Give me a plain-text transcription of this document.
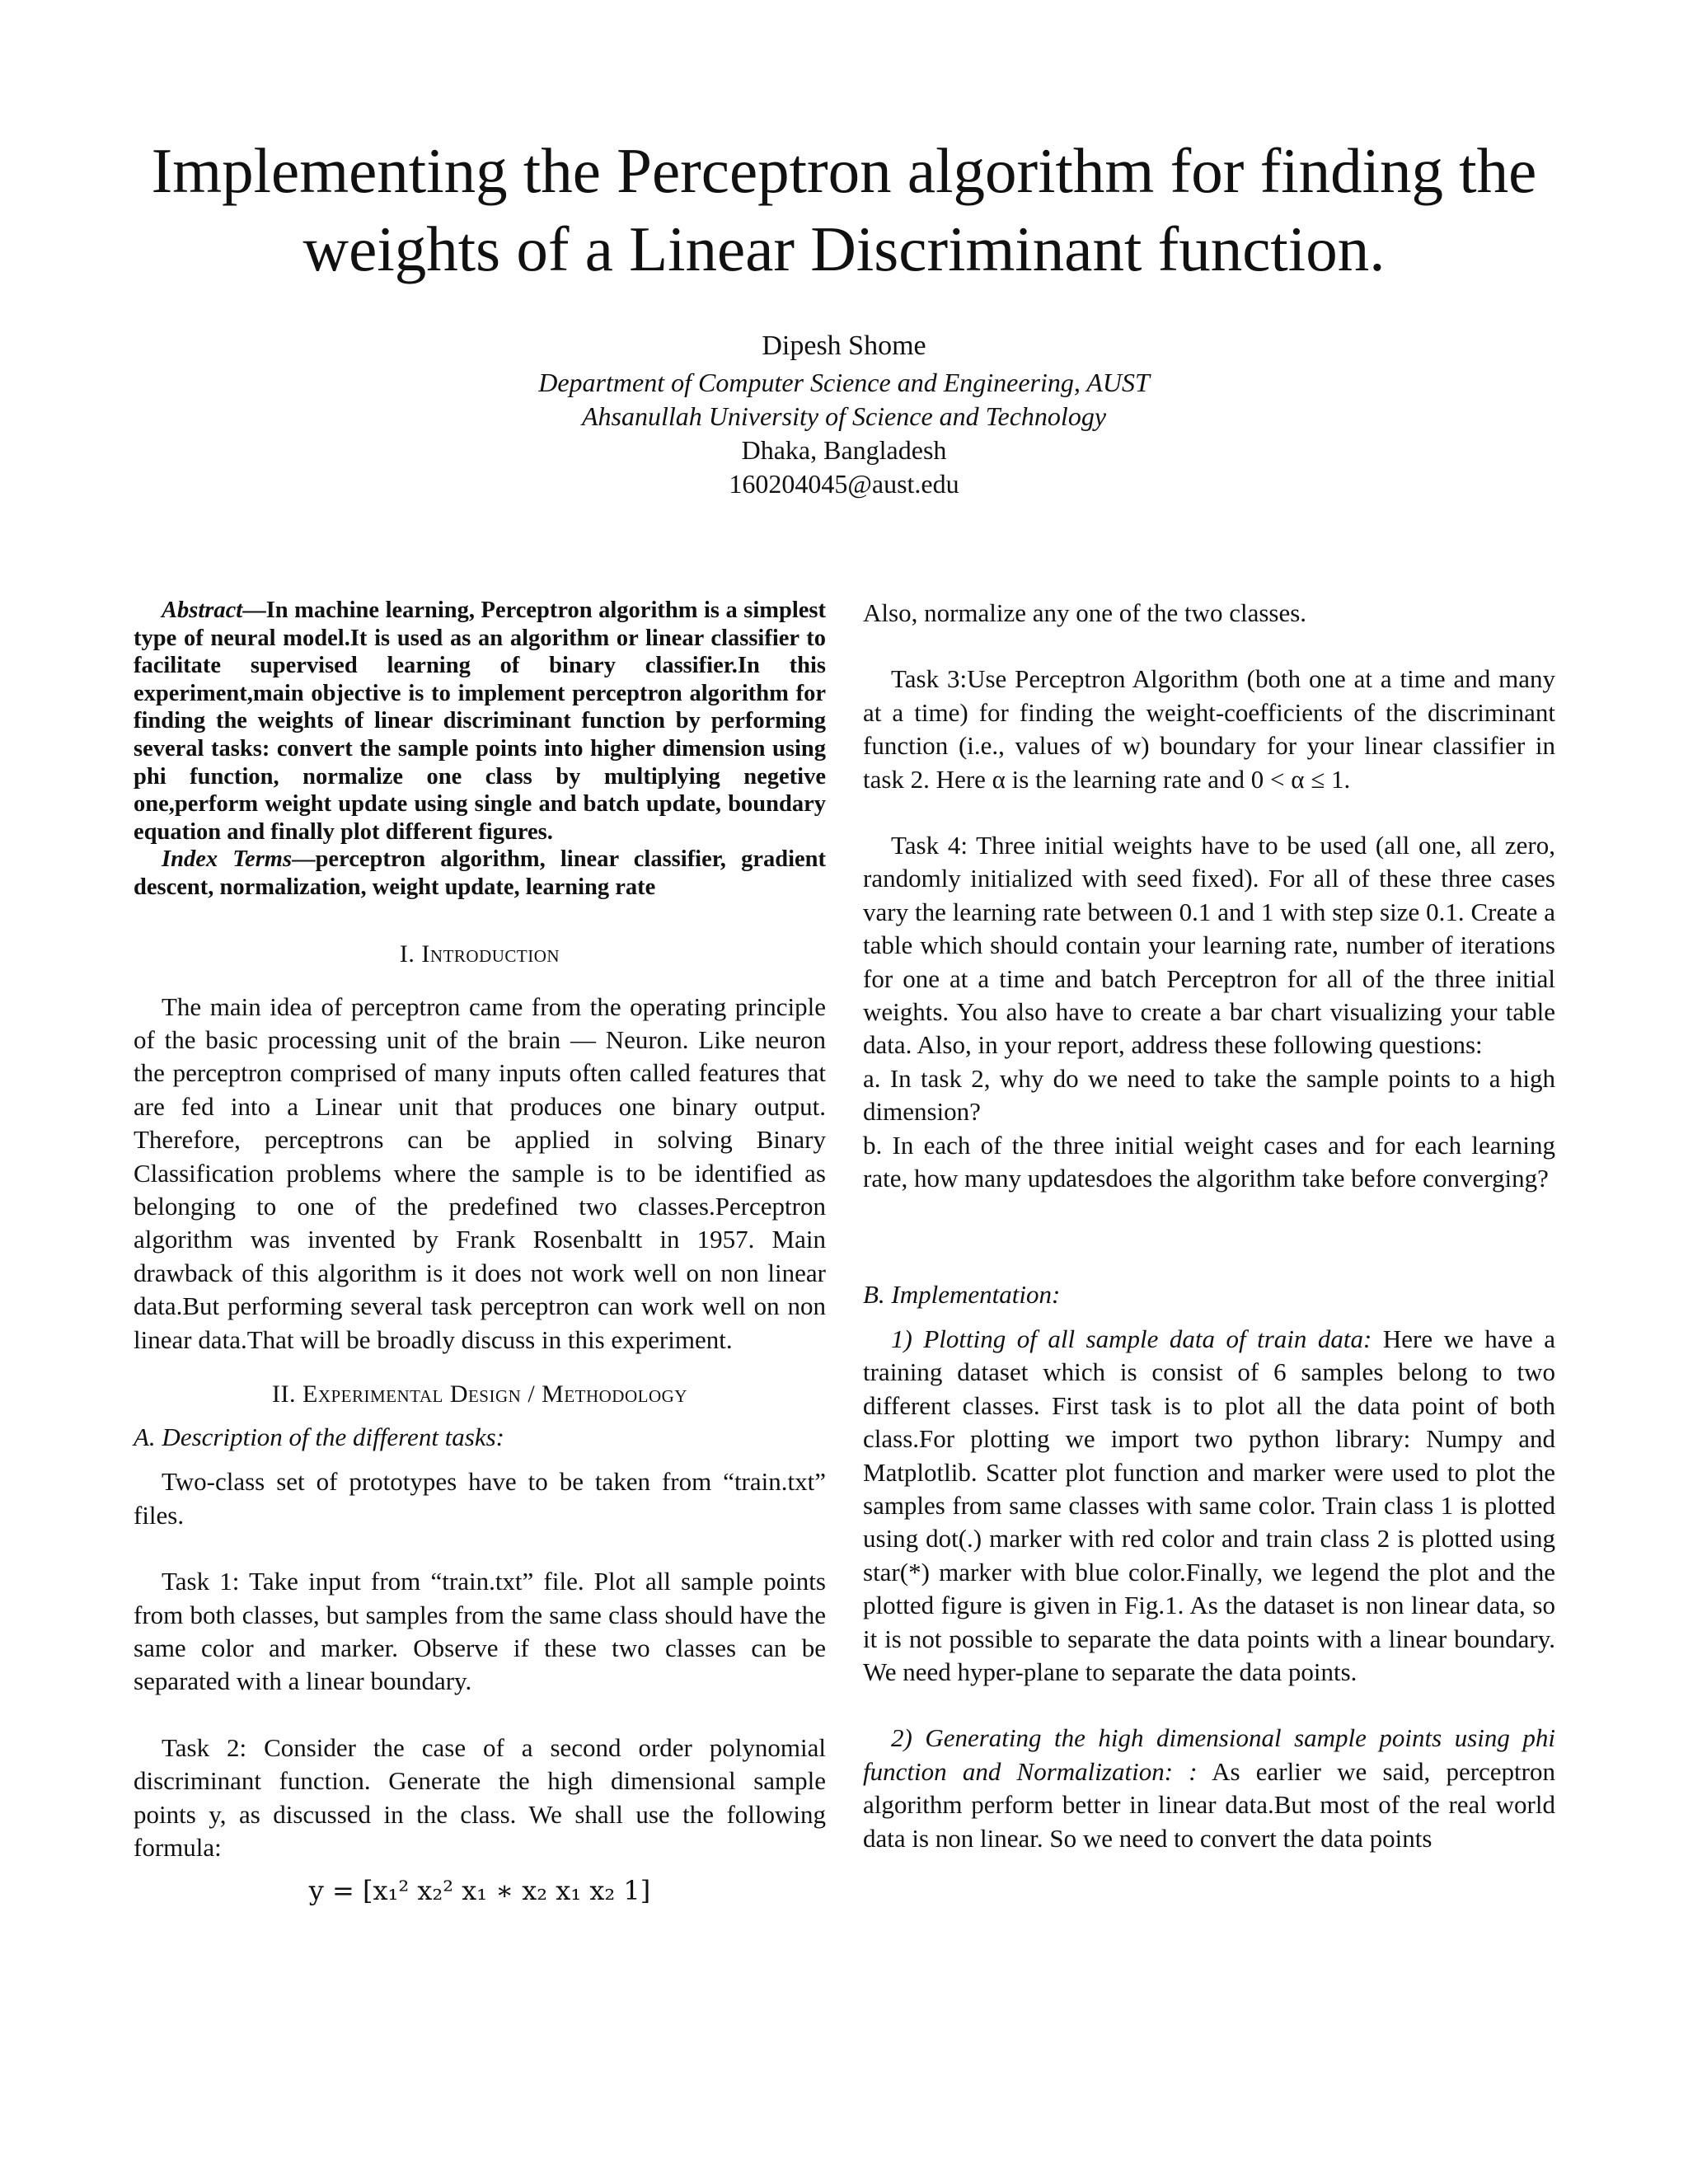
Implementing the Perceptron algorithm for finding the weights of a Linear Discriminant function.
Dipesh Shome
Department of Computer Science and Engineering, AUST
Ahsanullah University of Science and Technology
Dhaka, Bangladesh
160204045@aust.edu

Abstract—In machine learning, Perceptron algorithm is a simplest type of neural model.It is used as an algorithm or linear classifier to facilitate supervised learning of binary classifier.In this experiment,main objective is to implement perceptron algorithm for finding the weights of linear discriminant function by performing several tasks: convert the sample points into higher dimension using phi function, normalize one class by multiplying negetive one,perform weight update using single and batch update, boundary equation and finally plot different figures.

Index Terms—perceptron algorithm, linear classifier, gradient descent, normalization, weight update, learning rate

I. Introduction

The main idea of perceptron came from the operating principle of the basic processing unit of the brain — Neuron. Like neuron the perceptron comprised of many inputs often called features that are fed into a Linear unit that produces one binary output. Therefore, perceptrons can be applied in solving Binary Classification problems where the sample is to be identified as belonging to one of the predefined two classes.Perceptron algorithm was invented by Frank Rosenbaltt in 1957. Main drawback of this algorithm is it does not work well on non linear data.But performing several task perceptron can work well on non linear data.That will be broadly discuss in this experiment.

II. Experimental Design / Methodology
A. Description of the different tasks:

Two-class set of prototypes have to be taken from “train.txt” files.

Task 1: Take input from “train.txt” file. Plot all sample points from both classes, but samples from the same class should have the same color and marker. Observe if these two classes can be separated with a linear boundary.

Task 2: Consider the case of a second order polynomial discriminant function. Generate the high dimensional sample points y, as discussed in the class. We shall use the following formula:

y = [x₁² x₂² x₁ ∗ x₂ x₁ x₂ 1]

Also, normalize any one of the two classes.

Task 3:Use Perceptron Algorithm (both one at a time and many at a time) for finding the weight-coefficients of the discriminant function (i.e., values of w) boundary for your linear classifier in task 2. Here α is the learning rate and 0 < α ≤ 1.

Task 4: Three initial weights have to be used (all one, all zero, randomly initialized with seed fixed). For all of these three cases vary the learning rate between 0.1 and 1 with step size 0.1. Create a table which should contain your learning rate, number of iterations for one at a time and batch Perceptron for all of the three initial weights. You also have to create a bar chart visualizing your table data. Also, in your report, address these following questions:

a. In task 2, why do we need to take the sample points to a high dimension?

b. In each of the three initial weight cases and for each learning rate, how many updatesdoes the algorithm take before converging?

B. Implementation:

1) Plotting of all sample data of train data: Here we have a training dataset which is consist of 6 samples belong to two different classes. First task is to plot all the data point of both class.For plotting we import two python library: Numpy and Matplotlib. Scatter plot function and marker were used to plot the samples from same classes with same color. Train class 1 is plotted using dot(.) marker with red color and train class 2 is plotted using star(*) marker with blue color.Finally, we legend the plot and the plotted figure is given in Fig.1. As the dataset is non linear data, so it is not possible to separate the data points with a linear boundary. We need hyper-plane to separate the data points.

2) Generating the high dimensional sample points using phi function and Normalization: : As earlier we said, perceptron algorithm perform better in linear data.But most of the real world data is non linear. So we need to convert the data points
